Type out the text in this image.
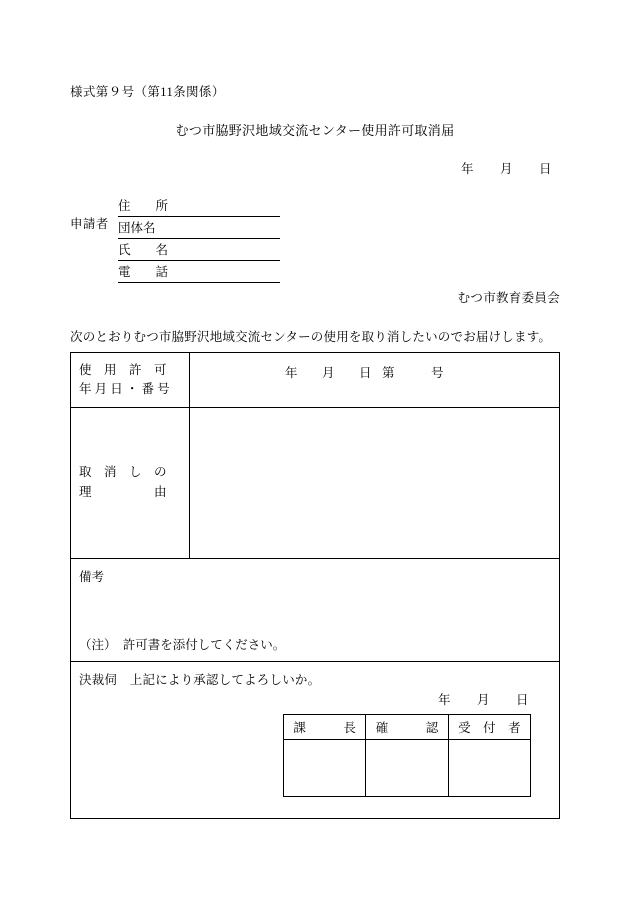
様式第９号（第11条関係）
むつ市脇野沢地域交流センター使用許可取消届
年 月 日
申請者
住　　所
団体名
氏　　名
電　　話
むつ市教育委員会
次のとおりむつ市脇野沢地域交流センターの使用を取り消したいのでお届けします。
使　用　許　可
年 月 日 ・ 番 号
	年 月 日 第	号

取　消　し　の
理　　　　　由

備考
（注）　許可書を添付してください。

決裁伺　上記により承認してよろしいか。
年 月 日
課　　　長	確　　　認	受　付　者
